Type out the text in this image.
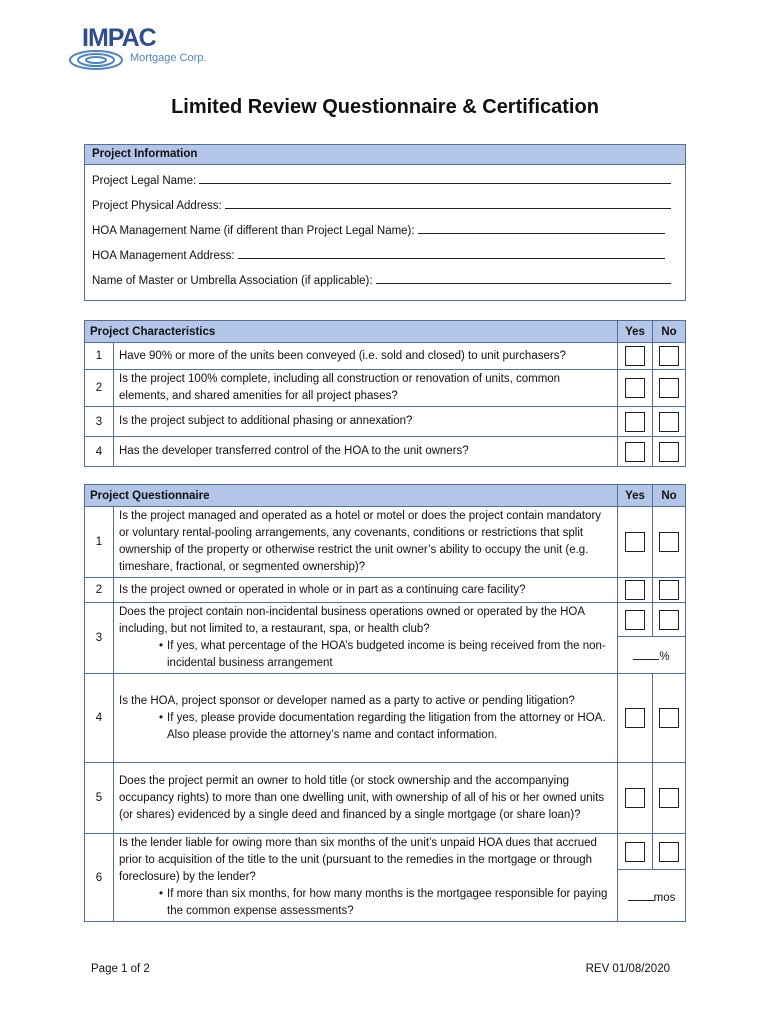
IMPAC
Mortgage Corp.
Limited Review Questionnaire & Certification
Project Information
Project Legal Name:
Project Physical Address:
HOA Management Name (if different than Project Legal Name):
HOA Management Address:
Name of Master or Umbrella Association (if applicable):
Project Characteristics		Yes	No
1	Have 90% or more of the units been conveyed (i.e. sold and closed) to unit purchasers?		
2	Is the project 100% complete, including all construction or renovation of units, common elements, and shared amenities for all project phases?		
3	Is the project subject to additional phasing or annexation?		
4	Has the developer transferred control of the HOA to the unit owners?		
Project Questionnaire		Yes	No
1	Is the project managed and operated as a hotel or motel or does the project contain mandatory or voluntary rental-pooling arrangements, any covenants, conditions or restrictions that split ownership of the property or otherwise restrict the unit owner’s ability to occupy the unit (e.g. timeshare, fractional, or segmented ownership)?		
2	Is the project owned or operated in whole or in part as a continuing care facility?		
3	Does the project contain non-incidental business operations owned or operated by the HOA including, but not limited to, a restaurant, spa, or health club?
• If yes, what percentage of the HOA’s budgeted income is being received from the non-incidental business arrangement

		%	
4	Is the HOA, project sponsor or developer named as a party to active or pending litigation?
• If yes, please provide documentation regarding the litigation from the attorney or HOA. Also please provide the attorney’s name and contact information.

5	Does the project permit an owner to hold title (or stock ownership and the accompanying occupancy rights) to more than one dwelling unit, with ownership of all of his or her owned units (or shares) evidenced by a single deed and financed by a single mortgage (or share loan)?		
6	Is the lender liable for owing more than six months of the unit’s unpaid HOA dues that accrued prior to acquisition of the title to the unit (pursuant to the remedies in the mortgage or through foreclosure) by the lender?
• If more than six months, for how many months is the mortgagee responsible for paying the common expense assessments?

		mos	
Page 1 of 2	REV 01/08/2020
